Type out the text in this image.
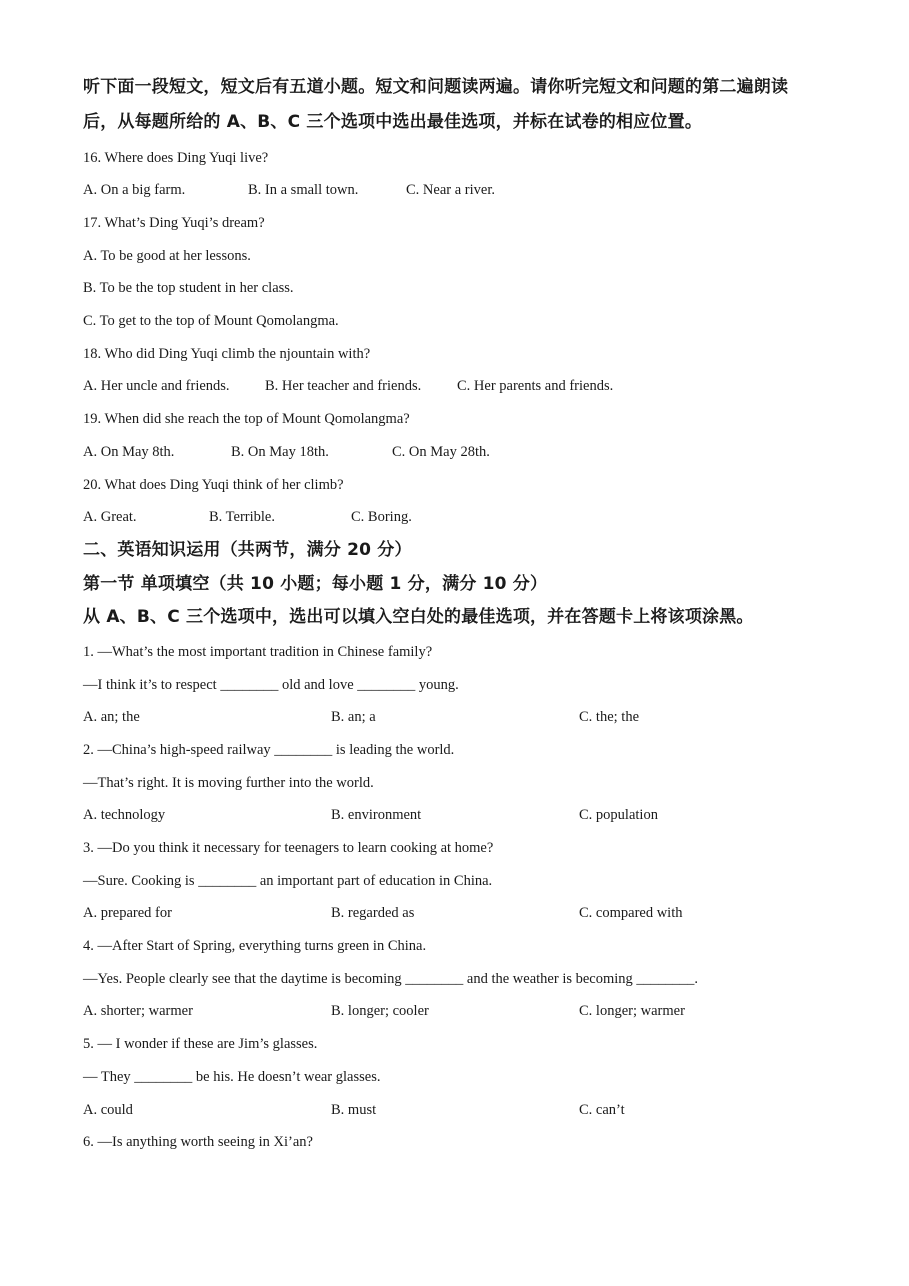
听下面一段短文，短文后有五道小题。短文和问题读两遍。请你听完短文和问题的第二遍朗读
后，从每题所给的 A、B、C 三个选项中选出最佳选项，并标在试卷的相应位置。
16. Where does Ding Yuqi live?
A. On a big farm.	B. In a small town.	C. Near a river.
17. What’s Ding Yuqi’s dream?
A. To be good at her lessons.
B. To be the top student in her class.
C. To get to the top of Mount Qomolangma.
18. Who did Ding Yuqi climb the njountain with?
A. Her uncle and friends. B. Her teacher and friends. C. Her parents and friends.
19. When did she reach the top of Mount Qomolangma?
A. On May 8th.	B. On May 18th.	C. On May 28th.
20. What does Ding Yuqi think of her climb?
A. Great.	B. Terrible.	C. Boring.
二、英语知识运用（共两节，满分 20 分）
第一节 单项填空（共 10 小题；每小题 1 分，满分 10 分）
从 A、B、C 三个选项中，选出可以填入空白处的最佳选项，并在答题卡上将该项涂黑。
1. —What’s the most important tradition in Chinese family?
—I think it’s to respect ________ old and love ________ young.
A. an; the	B. an; a	C. the; the
2. —China’s high-speed railway ________ is leading the world.
—That’s right. It is moving further into the world.
A. technology	B. environment	C. population
3. —Do you think it necessary for teenagers to learn cooking at home?
—Sure. Cooking is ________ an important part of education in China.
A. prepared for	B. regarded as	C. compared with
4. —After Start of Spring, everything turns green in China.
—Yes. People clearly see that the daytime is becoming ________ and the weather is becoming ________.
A. shorter; warmer	B. longer; cooler	C. longer; warmer
5. — I wonder if these are Jim’s glasses.
— They ________ be his. He doesn’t wear glasses.
A. could	B. must	C. can’t
6. —Is anything worth seeing in Xi’an?
